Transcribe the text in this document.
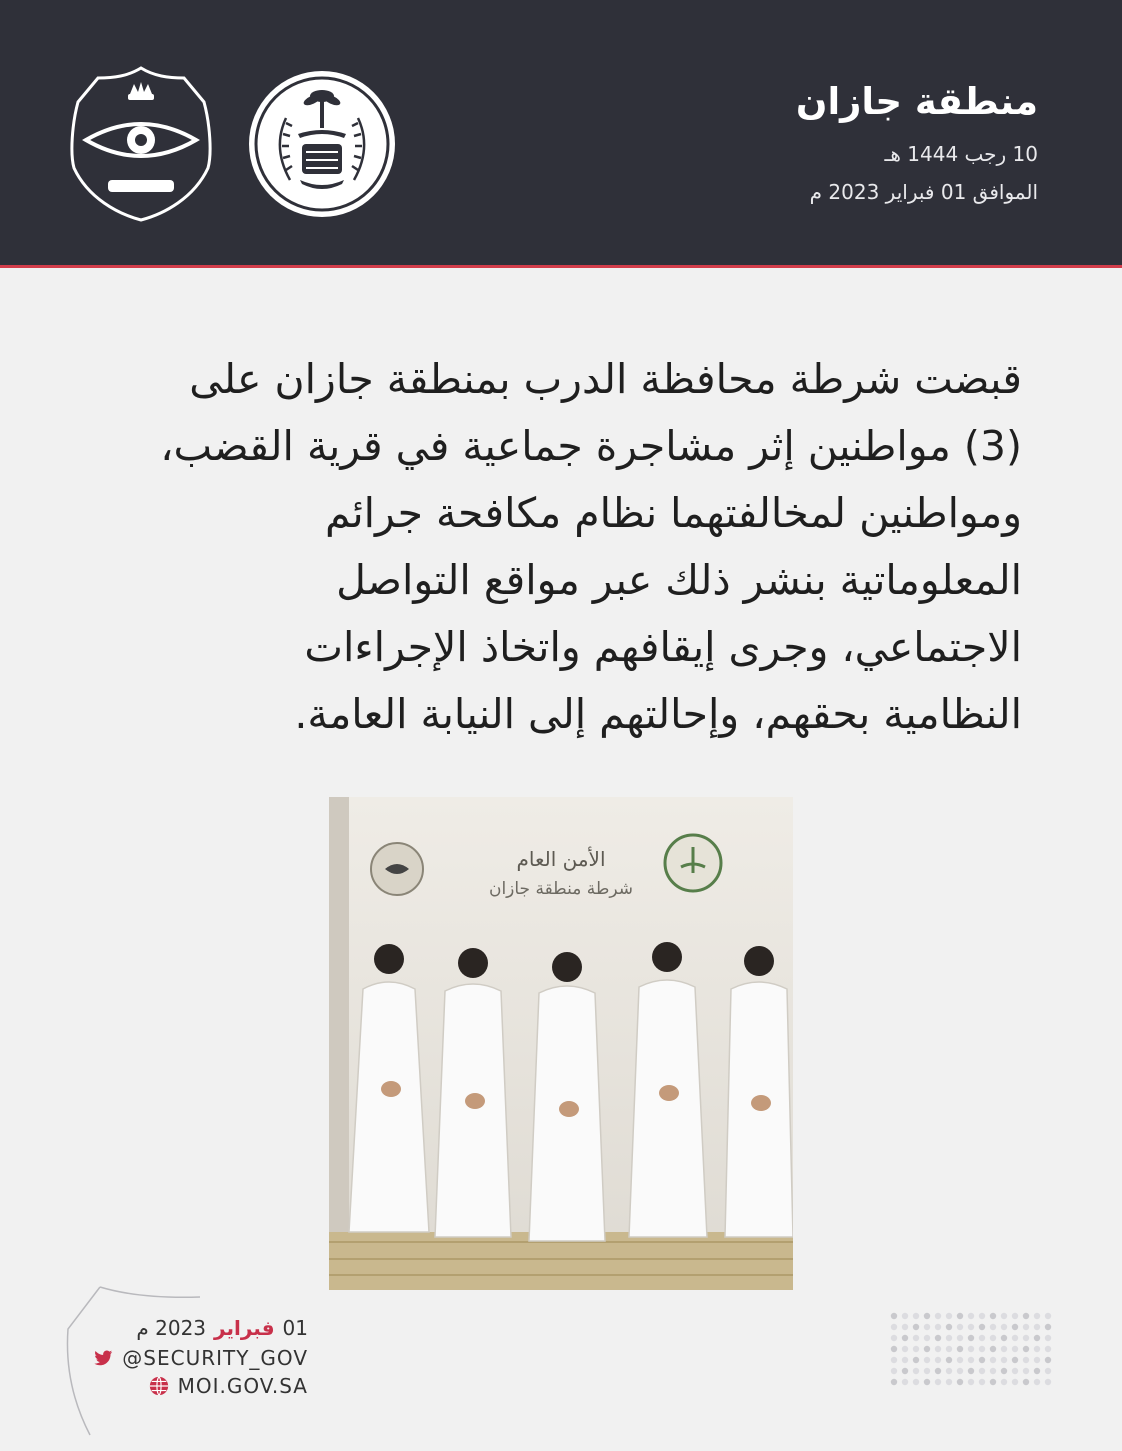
منطقة جازان
10 رجب 1444 هـ
الموافق 01 فبراير 2023 م
قبضت شرطة محافظة الدرب بمنطقة جازان على
(3) مواطنين إثر مشاجرة جماعية في قرية القضب،
ومواطنين لمخالفتهما نظام مكافحة جرائم
المعلوماتية بنشر ذلك عبر مواقع التواصل
الاجتماعي، وجرى إيقافهم واتخاذ الإجراءات
النظامية بحقهم، وإحالتهم إلى النيابة العامة.
الأمن العام
شرطة منطقة جازان
01
فبراير
2023 م
@SECURITY_GOV
MOI.GOV.SA
